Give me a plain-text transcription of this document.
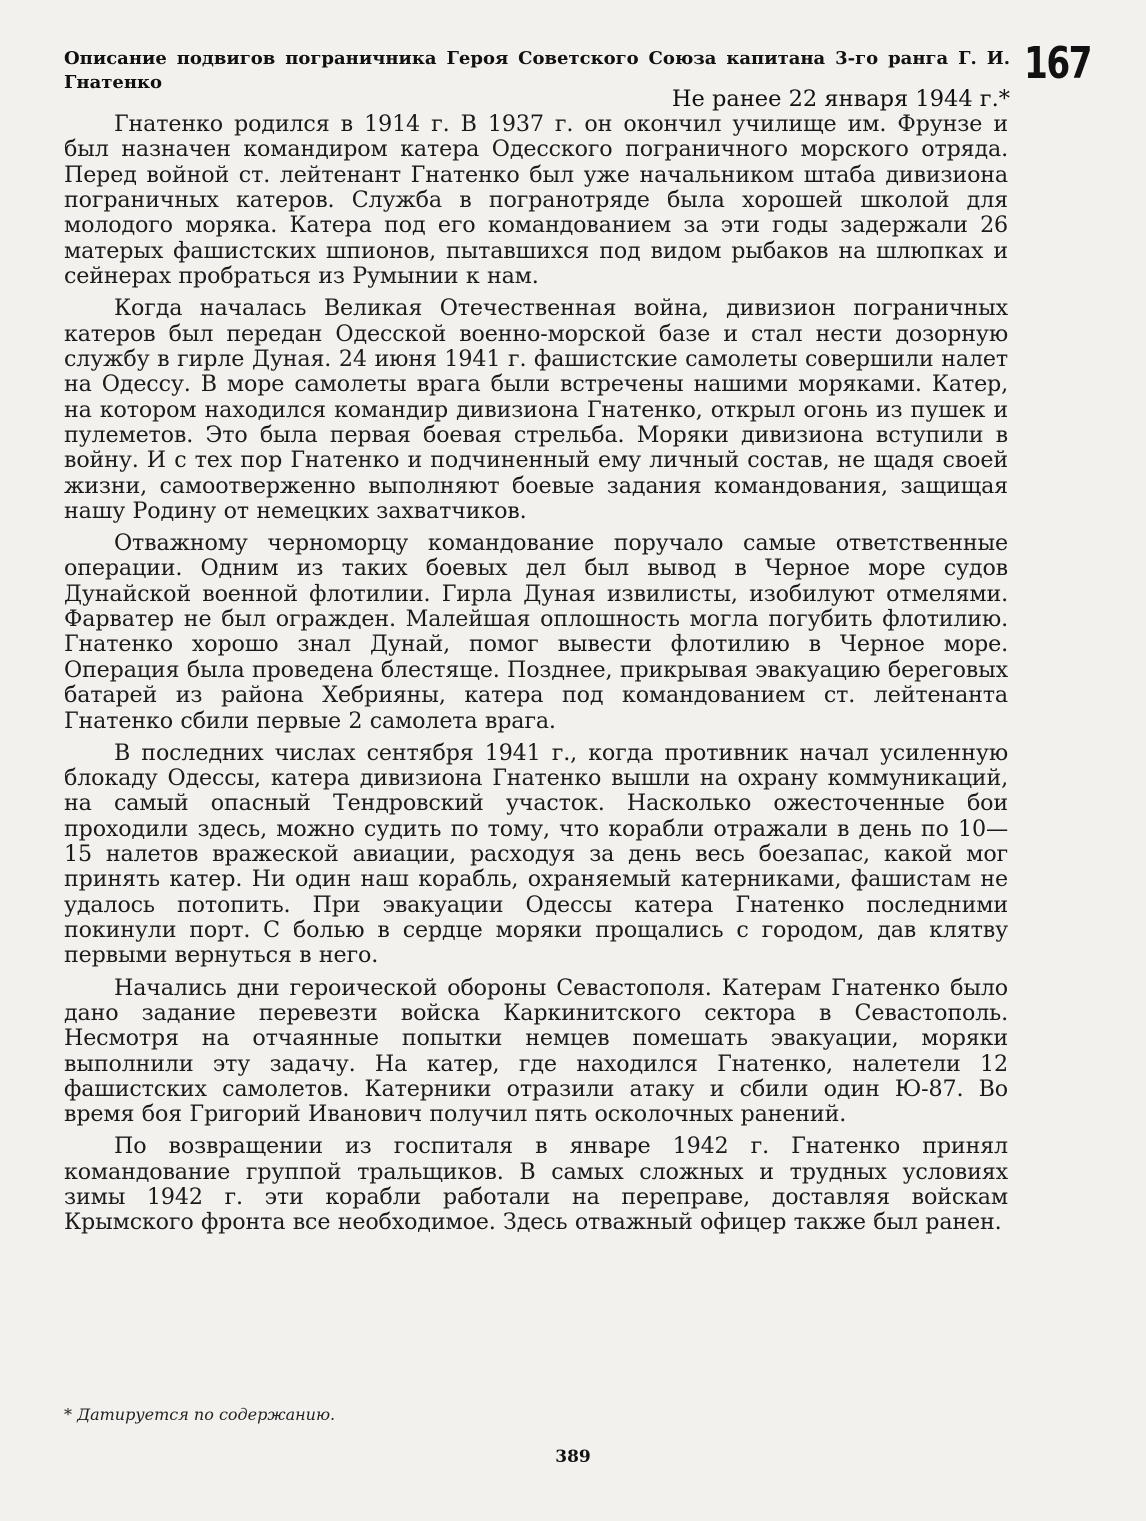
167
Описание подвигов пограничника Героя Советского Союза капитана 3-го ранга Г. И. Гнатенко
Не ранее 22 января 1944 г.*

Гнатенко родился в 1914 г. В 1937 г. он окончил училище им. Фрунзе и был назначен командиром катера Одесского пограничного морского отряда. Перед войной ст. лейтенант Гнатенко был уже начальником штаба дивизиона пограничных катеров. Служба в погранотряде была хорошей школой для молодого моряка. Катера под его командованием за эти годы задержали 26 матерых фашистских шпионов, пытавшихся под видом рыбаков на шлюпках и сейнерах пробраться из Румынии к нам.

Когда началась Великая Отечественная война, дивизион пограничных катеров был передан Одесской военно-морской базе и стал нести дозорную службу в гирле Дуная. 24 июня 1941 г. фашистские самолеты совершили налет на Одессу. В море самолеты врага были встречены нашими моряками. Катер, на котором находился командир дивизиона Гнатенко, открыл огонь из пушек и пулеметов. Это была первая боевая стрельба. Моряки дивизиона вступили в войну. И с тех пор Гнатенко и подчиненный ему личный состав, не щадя своей жизни, самоотверженно выполняют боевые задания командования, защищая нашу Родину от немецких захватчиков.

Отважному черноморцу командование поручало самые ответственные операции. Одним из таких боевых дел был вывод в Черное море судов Дунайской военной флотилии. Гирла Дуная извилисты, изобилуют отмелями. Фарватер не был огражден. Малейшая оплошность могла погубить флотилию. Гнатенко хорошо знал Дунай, помог вывести флотилию в Черное море. Операция была проведена блестяще. Позднее, прикрывая эвакуацию береговых батарей из района Хебрияны, катера под командованием ст. лейтенанта Гнатенко сбили первые 2 самолета врага.

В последних числах сентября 1941 г., когда противник начал усиленную блокаду Одессы, катера дивизиона Гнатенко вышли на охрану коммуникаций, на самый опасный Тендровский участок. Насколько ожесточенные бои проходили здесь, можно судить по тому, что корабли отражали в день по 10—15 налетов вражеской авиации, расходуя за день весь боезапас, какой мог принять катер. Ни один наш корабль, охраняемый катерниками, фашистам не удалось потопить. При эвакуации Одессы катера Гнатенко последними покинули порт. С болью в сердце моряки прощались с городом, дав клятву первыми вернуться в него.

Начались дни героической обороны Севастополя. Катерам Гнатенко было дано задание перевезти войска Каркинитского сектора в Севастополь. Несмотря на отчаянные попытки немцев помешать эвакуации, моряки выполнили эту задачу. На катер, где находился Гнатенко, налетели 12 фашистских самолетов. Катерники отразили атаку и сбили один Ю-87. Во время боя Григорий Иванович получил пять осколочных ранений.

По возвращении из госпиталя в январе 1942 г. Гнатенко принял командование группой тральщиков. В самых сложных и трудных условиях зимы 1942 г. эти корабли работали на переправе, доставляя войскам Крымского фронта все необходимое. Здесь отважный офицер также был ранен.

* Датируется по содержанию.
389
